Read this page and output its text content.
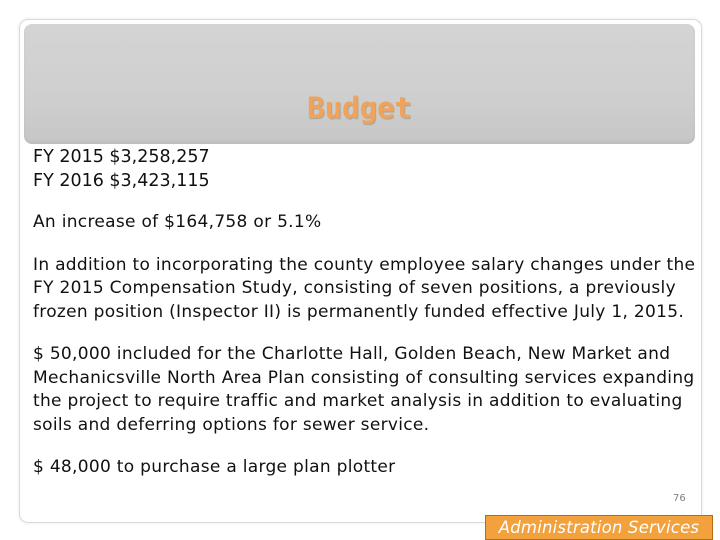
Budget

FY 2015 $3,258,257

FY 2016 $3,423,115

An increase of $164,758 or 5.1%

In addition to incorporating the county employee salary changes under the FY 2015 Compensation Study, consisting of seven positions, a previously frozen position (Inspector II) is permanently funded effective July 1, 2015.

$ 50,000 included for the Charlotte Hall, Golden Beach, New Market and Mechanicsville North Area Plan consisting of consulting services expanding the project to require traffic and market analysis in addition to evaluating soils and deferring options for sewer service.

$ 48,000 to purchase a large plan plotter

76
Administration Services
